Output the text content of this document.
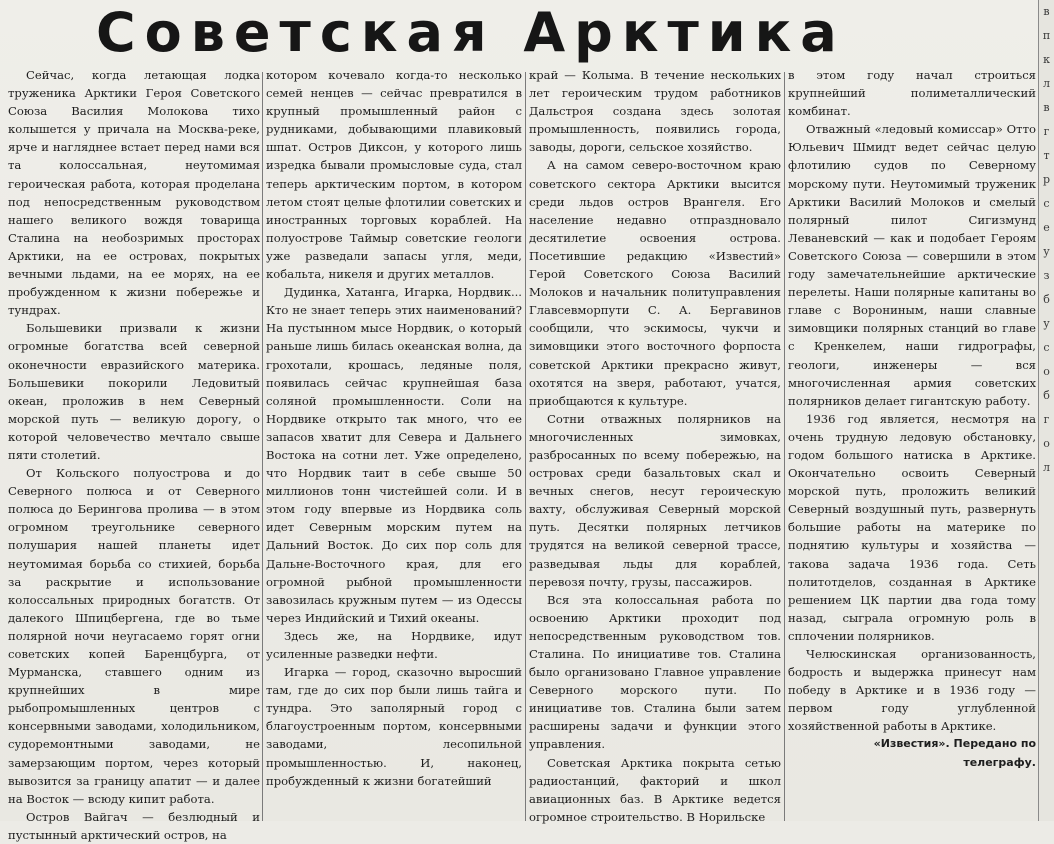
Советская Арктика

Сейчас, когда летающая лодка труженика Арктики Героя Советского Союза Василия Молокова тихо колышется у причала на Москва-реке, ярче и нагляднее встает перед нами вся та колоссальная, неутомимая героическая работа, которая проделана под непосредственным руководством нашего великого вождя товарища Сталина на необозримых просторах Арктики, на ее островах, покрытых вечными льдами, на ее морях, на ее пробужденном к жизни побережье и тундрах.

Большевики призвали к жизни огромные богатства всей северной оконечности евразийского материка. Большевики покорили Ледовитый океан, проложив в нем Северный морской путь — великую дорогу, о которой человечество мечтало свыше пяти столетий.

От Кольского полуострова и до Северного полюса и от Северного полюса до Берингова пролива — в этом огромном треугольнике северного полушария нашей планеты идет неутомимая борьба со стихией, борьба за раскрытие и использование колоссальных природных богатств. От далекого Шпицбергена, где во тьме полярной ночи неугасаемо горят огни советских копей Баренцбурга, от Мурманска, ставшего одним из крупнейших в мире рыбопромышленных центров с консервными заводами, холодильником, судоремонтными заводами, не замерзающим портом, через который вывозится за границу апатит — и далее на Восток — всюду кипит работа.

Остров Вайгач — безлюдный и пустынный арктический остров, на

котором кочевало когда-то несколько семей ненцев — сейчас превратился в крупный промышленный район с рудниками, добывающими плавиковый шпат. Остров Диксон, у которого лишь изредка бывали промысловые суда, стал теперь арктическим портом, в котором летом стоят целые флотилии советских и иностранных торговых кораблей. На полуострове Таймыр советские геологи уже разведали запасы угля, меди, кобальта, никеля и других металлов.

Дудинка, Хатанга, Игарка, Нордвик... Кто не знает теперь этих наименований? На пустынном мысе Нордвик, о который раньше лишь билась океанская волна, да грохотали, крошась, ледяные поля, появилась сейчас крупнейшая база соляной промышленности. Соли на Нордвике открыто так много, что ее запасов хватит для Севера и Дальнего Востока на сотни лет. Уже определено, что Нордвик таит в себе свыше 50 миллионов тонн чистейшей соли. И в этом году впервые из Нордвика соль идет Северным морским путем на Дальний Восток. До сих пор соль для Дальне-Восточного края, для его огромной рыбной промышленности завозилась кружным путем — из Одессы через Индийский и Тихий океаны.

Здесь же, на Нордвике, идут усиленные разведки нефти.

Игарка — город, сказочно выросший там, где до сих пор были лишь тайга и тундра. Это заполярный город с благоустроенным портом, консервными заводами, лесопильной промышленностью. И, наконец, пробужденный к жизни богатейший

край — Колыма. В течение нескольких лет героическим трудом работников Дальстроя создана здесь золотая промышленность, появились города, заводы, дороги, сельское хозяйство.

А на самом северо-восточном краю советского сектора Арктики высится среди льдов остров Врангеля. Его население недавно отпраздновало десятилетие освоения острова. Посетившие редакцию «Известий» Герой Советского Союза Василий Молоков и начальник политуправления Главсевморпути С. А. Бергавинов сообщили, что эскимосы, чукчи и зимовщики этого восточного форпоста советской Арктики прекрасно живут, охотятся на зверя, работают, учатся, приобщаются к культуре.

Сотни отважных полярников на многочисленных зимовках, разбросанных по всему побережью, на островах среди базальтовых скал и вечных снегов, несут героическую вахту, обслуживая Северный морской путь. Десятки полярных летчиков трудятся на великой северной трассе, разведывая льды для кораблей, перевозя почту, грузы, пассажиров.

Вся эта колоссальная работа по освоению Арктики проходит под непосредственным руководством тов. Сталина. По инициативе тов. Сталина было организовано Главное управление Северного морского пути. По инициативе тов. Сталина были затем расширены задачи и функции этого управления.

Советская Арктика покрыта сетью радиостанций, факторий и школ авиационных баз. В Арктике ведется огромное строительство. В Норильске

в этом году начал строиться крупнейший полиметаллический комбинат.

Отважный «ледовый комиссар» Отто Юльевич Шмидт ведет сейчас целую флотилию судов по Северному морскому пути. Неутомимый труженик Арктики Василий Молоков и смелый полярный пилот Сигизмунд Леваневский — как и подобает Героям Советского Союза — совершили в этом году замечательнейшие арктические перелеты. Наши полярные капитаны во главе с Ворониным, наши славные зимовщики полярных станций во главе с Кренкелем, наши гидрографы, геологи, инженеры — вся многочисленная армия советских полярников делает гигантскую работу.

1936 год является, несмотря на очень трудную ледовую обстановку, годом большого натиска в Арктике. Окончательно освоить Северный морской путь, проложить великий Северный воздушный путь, развернуть большие работы на материке по поднятию культуры и хозяйства — такова задача 1936 года. Сеть политотделов, созданная в Арктике решением ЦК партии два года тому назад, сыграла огромную роль в сплочении полярников.

Челюскинская организованность, бодрость и выдержка принесут нам победу в Арктике и в 1936 году — первом году углубленной хозяйственной работы в Арктике.

«Известия». Передано по телеграфу.

в
п
к
л
в
г
т
р
с
е
у
з
б
у
с
о
б
г
о
л
